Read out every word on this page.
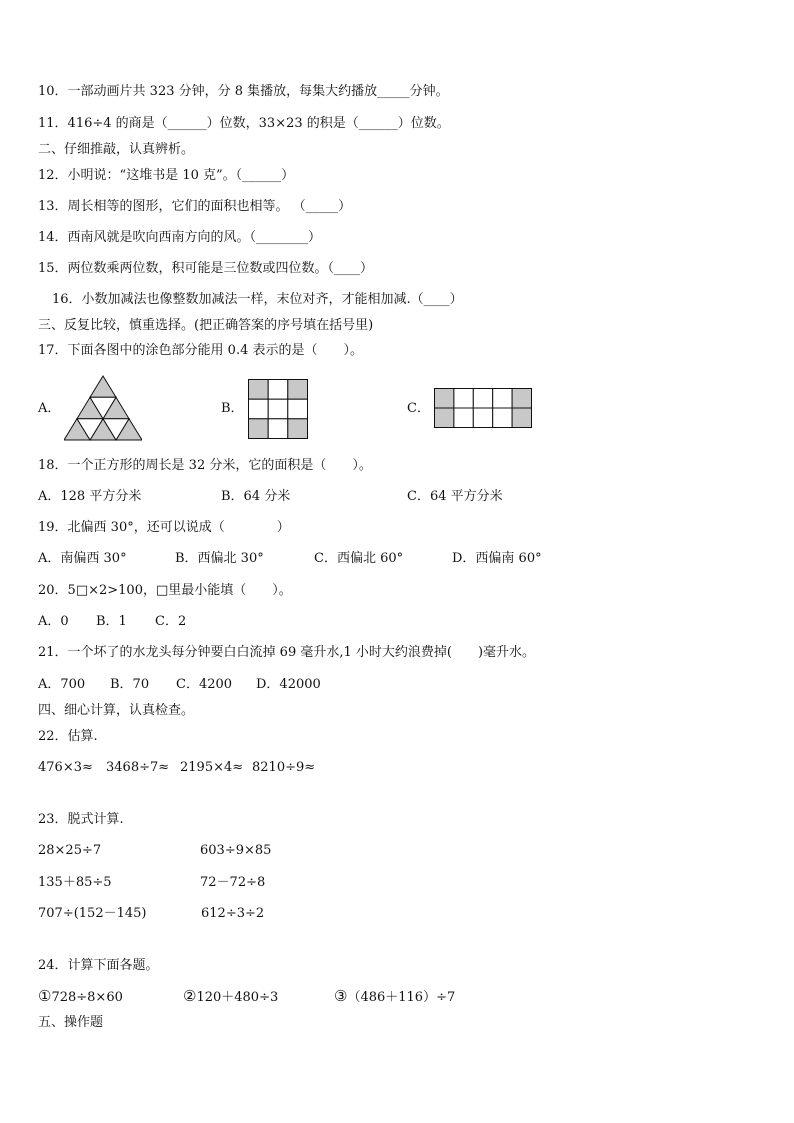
10．一部动画片共 323 分钟，分 8 集播放，每集大约播放_____分钟。
11．416÷4 的商是（______）位数，33×23 的积是（______）位数。
二、仔细推敲，认真辨析。
12．小明说：“这堆书是 10 克”。（______）
13．周长相等的图形，它们的面积也相等。 （_____）
14．西南风就是吹向西南方向的风。（________）
15．两位数乘两位数，积可能是三位数或四位数。（____）
16．小数加减法也像整数加减法一样，末位对齐，才能相加减.（____）
三、反复比较，慎重选择。(把正确答案的序号填在括号里)
17．下面各图中的涂色部分能用 0.4 表示的是（　　）。
A．	B．	C．
18．一个正方形的周长是 32 分米，它的面积是（　　）。
A．128 平方分米	B．64 分米	C．64 平方分米
19．北偏西 30°，还可以说成（　　　　）
A．南偏西 30°	B．西偏北 30°	C．西偏北 60°	D．西偏南 60°
20．5□×2>100，□里最小能填（　　）。
A．0 B．1 C．2
21．一个坏了的水龙头每分钟要白白流掉 69 毫升水,1 小时大约浪费掉(　　)毫升水。
A．700 B．70 C．4200 D．42000
四、细心计算，认真检查。
22．估算.
476×3≈ 3468÷7≈ 2195×4≈ 8210÷9≈
23．脱式计算.
28×25÷7	603÷9×85
135＋85÷5	72－72÷8
707÷(152－145)	612÷3÷2
24．计算下面各题。
①728÷8×60	②120＋480÷3	③（486＋116）÷7
五、操作题
